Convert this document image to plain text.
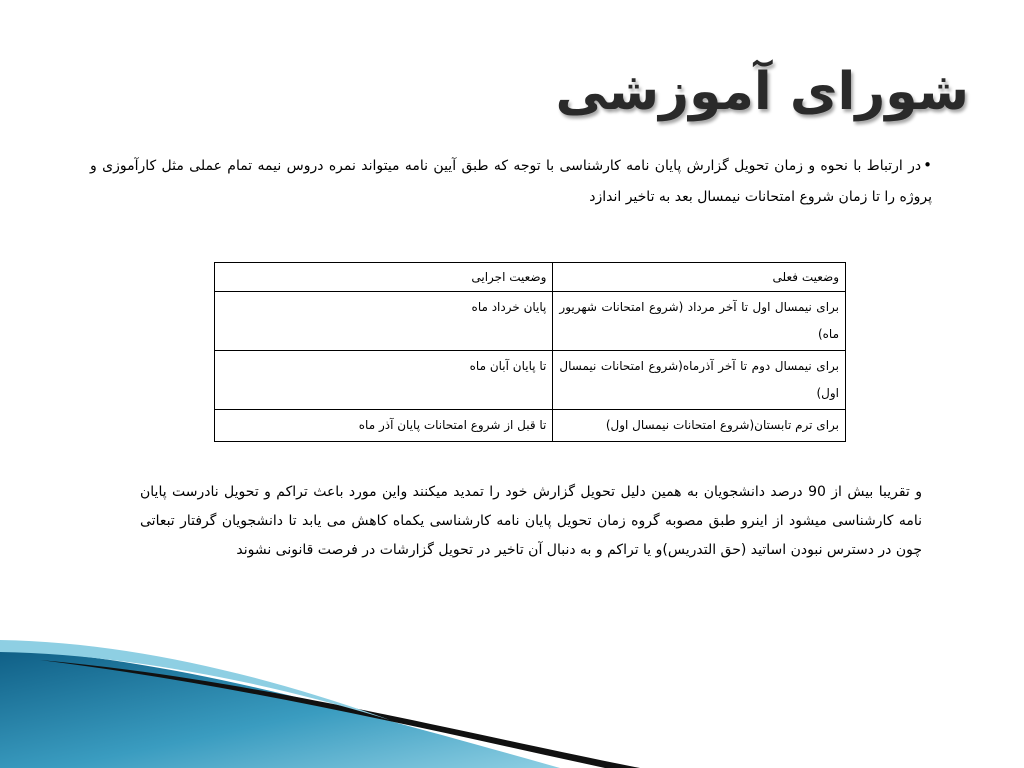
شورای آموزشی
•در ارتباط با نحوه و زمان تحویل گزارش پایان نامه کارشناسی با توجه که طبق آیین نامه میتواند نمره دروس نیمه تمام عملی مثل کارآموزی و پروژه را تا زمان شروع امتحانات نیمسال بعد به تاخیر اندازد
وضعیت فعلی	وضعیت اجرایی
برای نیمسال اول تا آخر مرداد (شروع امتحانات شهریور ماه)	پایان خرداد ماه
برای نیمسال دوم تا آخر آذرماه(شروع امتحانات نیمسال اول)	تا پایان آبان ماه
برای ترم تابستان(شروع امتحانات نیمسال اول)	تا قبل از شروع امتحانات پایان آذر ماه
و تقریبا بیش از 90 درصد دانشجویان به همین دلیل تحویل گزارش خود را تمدید میکنند واین مورد باعث تراکم و تحویل نادرست پایان نامه کارشناسی میشود از اینرو طبق مصوبه گروه زمان تحویل پایان نامه کارشناسی یکماه کاهش می یابد تا دانشجویان گرفتار تبعاتی چون در دسترس نبودن اساتید (حق التدریس)و یا تراکم و به دنبال آن تاخیر در تحویل گزارشات در فرصت قانونی نشوند
